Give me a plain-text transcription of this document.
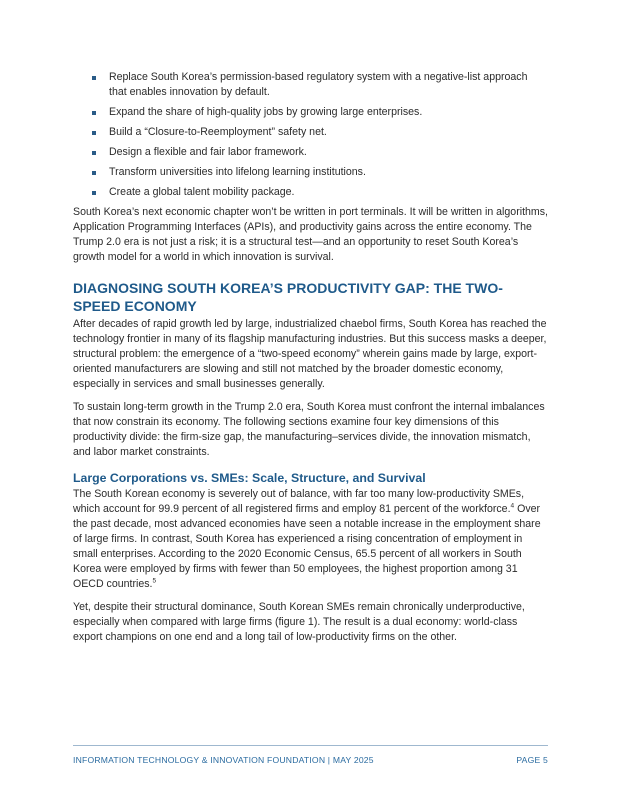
Replace South Korea’s permission-based regulatory system with a negative-list approach that enables innovation by default.
Expand the share of high-quality jobs by growing large enterprises.
Build a “Closure-to-Reemployment” safety net.
Design a flexible and fair labor framework.
Transform universities into lifelong learning institutions.
Create a global talent mobility package.

South Korea’s next economic chapter won’t be written in port terminals. It will be written in algorithms, Application Programming Interfaces (APIs), and productivity gains across the entire economy. The Trump 2.0 era is not just a risk; it is a structural test—and an opportunity to reset South Korea’s growth model for a world in which innovation is survival.

DIAGNOSING SOUTH KOREA’S PRODUCTIVITY GAP: THE TWO-SPEED ECONOMY

After decades of rapid growth led by large, industrialized chaebol firms, South Korea has reached the technology frontier in many of its flagship manufacturing industries. But this success masks a deeper, structural problem: the emergence of a “two-speed economy” wherein gains made by large, export-oriented manufacturers are slowing and still not matched by the broader domestic economy, especially in services and small businesses generally.

To sustain long-term growth in the Trump 2.0 era, South Korea must confront the internal imbalances that now constrain its economy. The following sections examine four key dimensions of this productivity divide: the firm-size gap, the manufacturing–services divide, the innovation mismatch, and labor market constraints.

Large Corporations vs. SMEs: Scale, Structure, and Survival

The South Korean economy is severely out of balance, with far too many low-productivity SMEs, which account for 99.9 percent of all registered firms and employ 81 percent of the workforce.$^4$ Over the past decade, most advanced economies have seen a notable increase in the employment share of large firms. In contrast, South Korea has experienced a rising concentration of employment in small enterprises. According to the 2020 Economic Census, 65.5 percent of all workers in South Korea were employed by firms with fewer than 50 employees, the highest proportion among 31 OECD countries.$^5$

Yet, despite their structural dominance, South Korean SMEs remain chronically underproductive, especially when compared with large firms (figure 1). The result is a dual economy: world-class export champions on one end and a long tail of low-productivity firms on the other.

INFORMATION TECHNOLOGY & INNOVATION FOUNDATION | MAY 2025	PAGE 5
